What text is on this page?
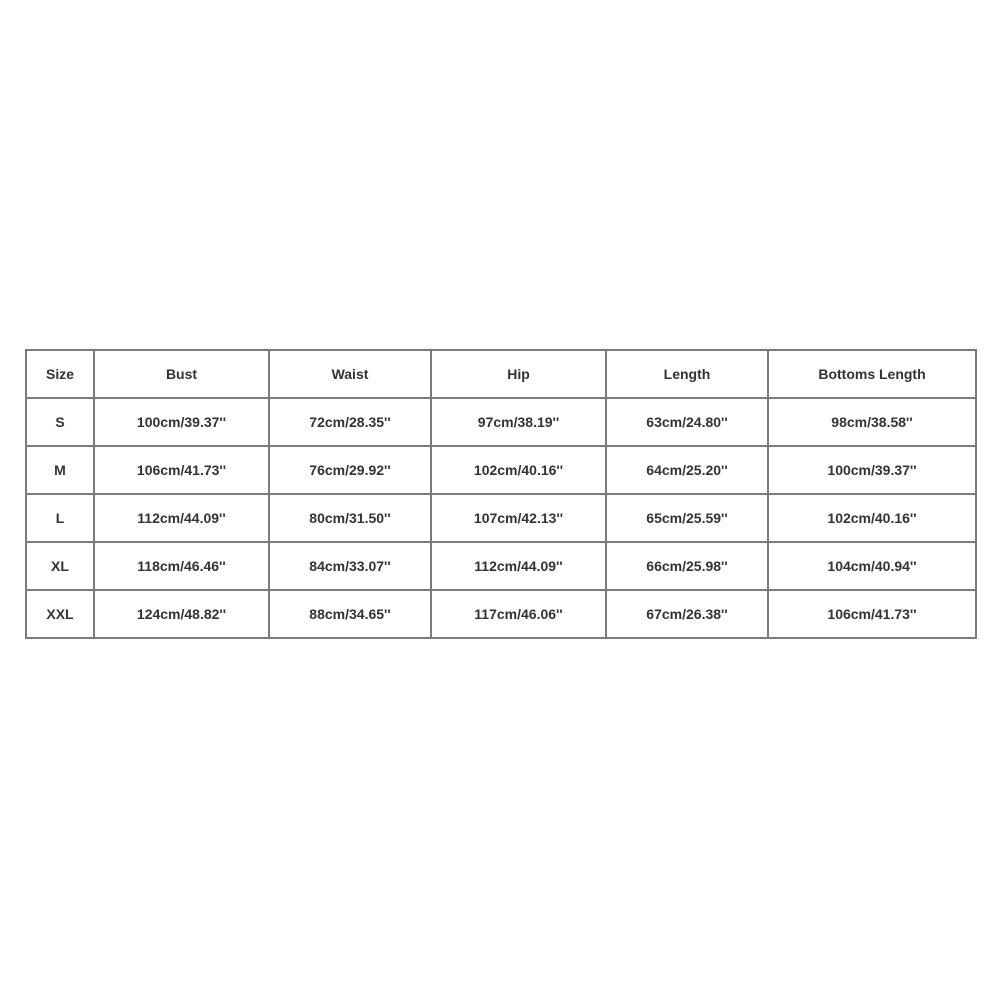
Size	Bust	Waist	Hip	Length	Bottoms Length
S	100cm/39.37''	72cm/28.35''	97cm/38.19''	63cm/24.80''	98cm/38.58''
M	106cm/41.73''	76cm/29.92''	102cm/40.16''	64cm/25.20''	100cm/39.37''
L	112cm/44.09''	80cm/31.50''	107cm/42.13''	65cm/25.59''	102cm/40.16''
XL	118cm/46.46''	84cm/33.07''	112cm/44.09''	66cm/25.98''	104cm/40.94''
XXL	124cm/48.82''	88cm/34.65''	117cm/46.06''	67cm/26.38''	106cm/41.73''
